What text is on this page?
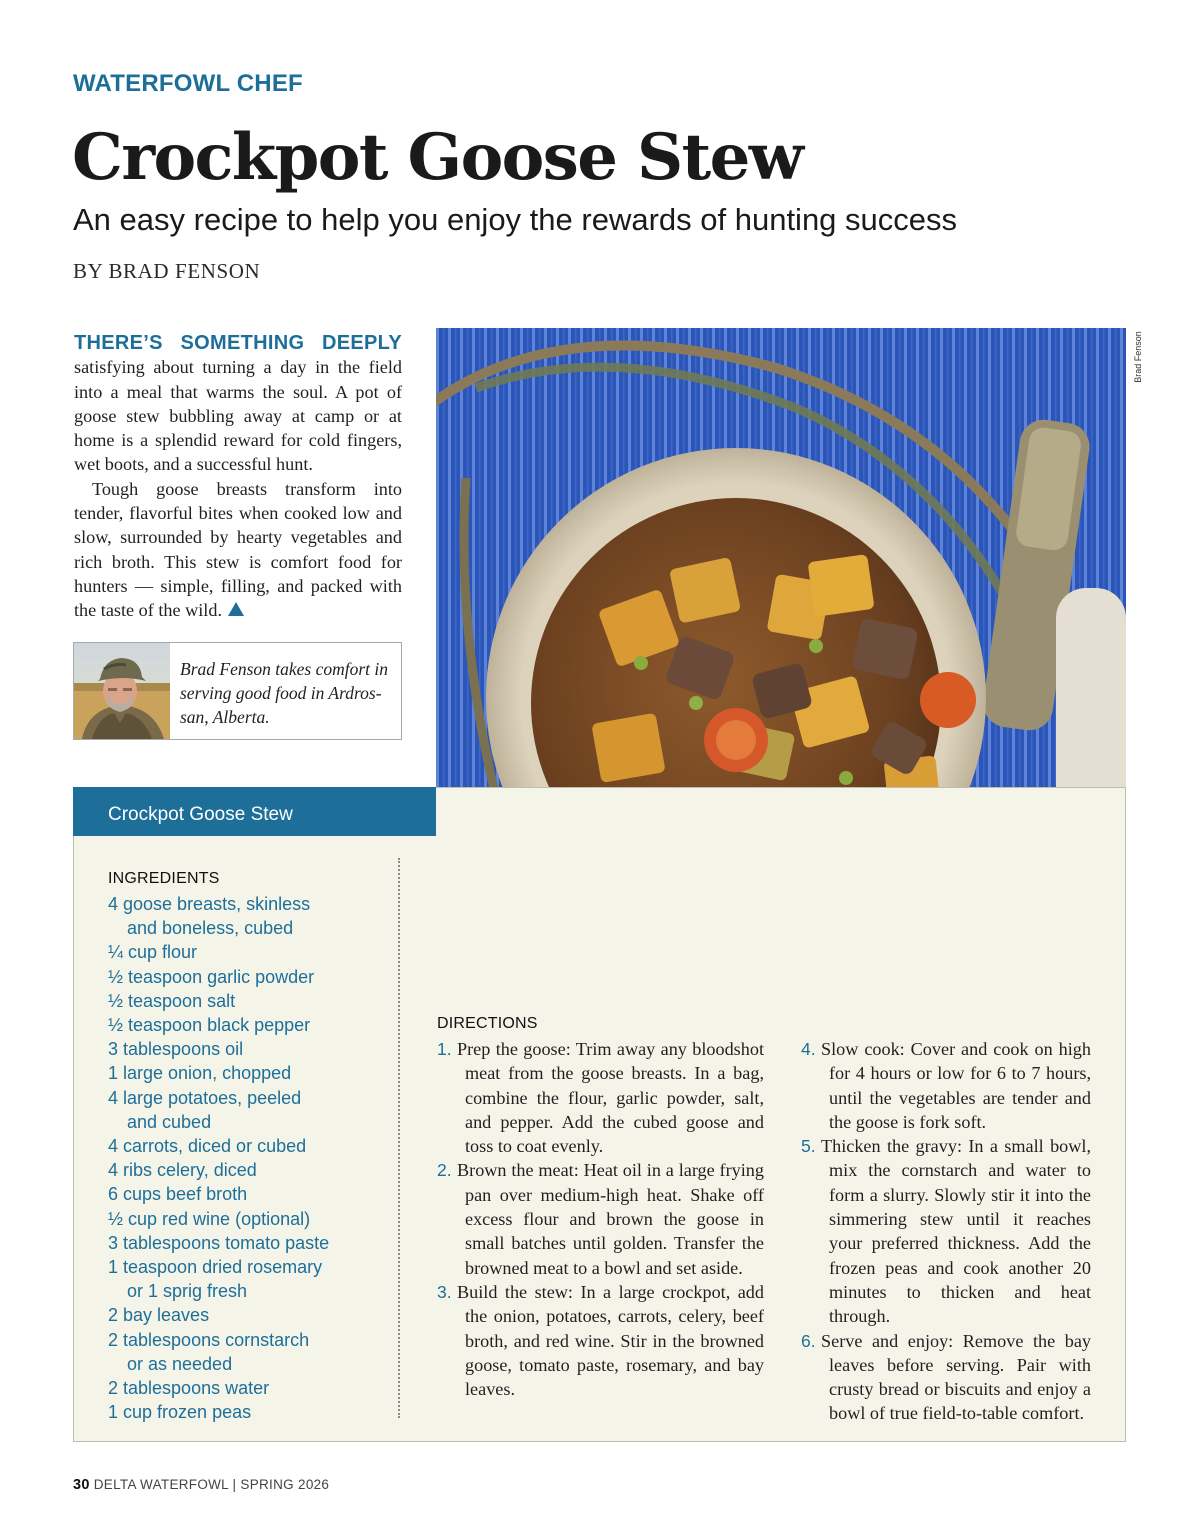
WATERFOWL CHEF
Crockpot Goose Stew
An easy recipe to help you enjoy the rewards of hunting success
BY BRAD FENSON

THERE’S SOMETHING DEEPLY satisfying about turning a day in the field into a meal that warms the soul. A pot of goose stew bubbling away at camp or at home is a splendid reward for cold fingers, wet boots, and a successful hunt.

Tough goose breasts transform into tender, flavorful bites when cooked low and slow, surrounded by hearty vegetables and rich broth. This stew is comfort food for hunters — simple, filling, and packed with the taste of the wild.

Brad Fenson takes comfort in serving good food in Ardros-san, Alberta.
Brad Fenson
Crockpot Goose Stew
INGREDIENTS
4 goose breasts, skinless
and boneless, cubed
¼ cup flour
½ teaspoon garlic powder
½ teaspoon salt
½ teaspoon black pepper
3 tablespoons oil
1 large onion, chopped
4 large potatoes, peeled
and cubed
4 carrots, diced or cubed
4 ribs celery, diced
6 cups beef broth
½ cup red wine (optional)
3 tablespoons tomato paste
1 teaspoon dried rosemary
or 1 sprig fresh
2 bay leaves
2 tablespoons cornstarch
or as needed
2 tablespoons water
1 cup frozen peas
DIRECTIONS
1. Prep the goose: Trim away any bloodshot meat from the goose breasts. In a bag, combine the flour, garlic powder, salt, and pepper. Add the cubed goose and toss to coat evenly.
2. Brown the meat: Heat oil in a large frying pan over medium-high heat. Shake off excess flour and brown the goose in small batches until golden. Transfer the browned meat to a bowl and set aside.
3. Build the stew: In a large crockpot, add the onion, potatoes, carrots, celery, beef broth, and red wine. Stir in the browned goose, tomato paste, rosemary, and bay leaves.
4. Slow cook: Cover and cook on high for 4 hours or low for 6 to 7 hours, until the vegetables are tender and the goose is fork soft.
5. Thicken the gravy: In a small bowl, mix the cornstarch and water to form a slurry. Slowly stir it into the simmering stew until it reaches your preferred thickness. Add the frozen peas and cook another 20 minutes to thicken and heat through.
6. Serve and enjoy: Remove the bay leaves before serving. Pair with crusty bread or biscuits and enjoy a bowl of true field-to-table comfort.
30 DELTA WATERFOWL | SPRING 2026
